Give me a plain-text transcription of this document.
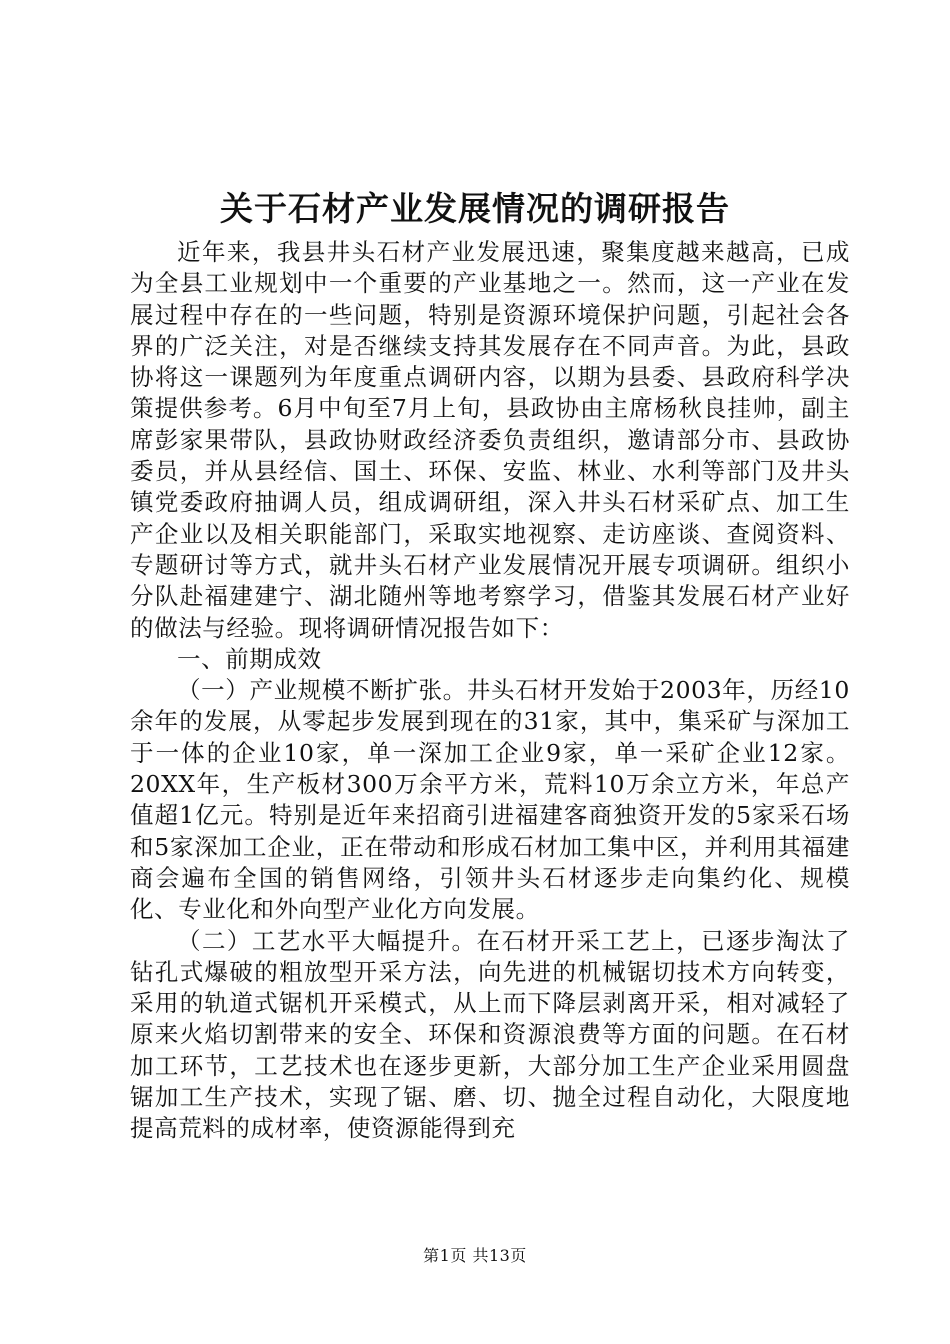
关于石材产业发展情况的调研报告

近年来，我县井头石材产业发展迅速，聚集度越来越高，已成为全县工业规划中一个重要的产业基地之一。然而，这一产业在发展过程中存在的一些问题，特别是资源环境保护问题，引起社会各界的广泛关注，对是否继续支持其发展存在不同声音。为此，县政协将这一课题列为年度重点调研内容，以期为县委、县政府科学决策提供参考。6月中旬至7月上旬，县政协由主席杨秋良挂帅，副主席彭家果带队，县政协财政经济委负责组织，邀请部分市、县政协委员，并从县经信、国土、环保、安监、林业、水利等部门及井头镇党委政府抽调人员，组成调研组，深入井头石材采矿点、加工生产企业以及相关职能部门，采取实地视察、走访座谈、查阅资料、专题研讨等方式，就井头石材产业发展情况开展专项调研。组织小分队赴福建建宁、湖北随州等地考察学习，借鉴其发展石材产业好的做法与经验。现将调研情况报告如下：

一、前期成效

（一）产业规模不断扩张。井头石材开发始于2003年，历经10余年的发展，从零起步发展到现在的31家，其中，集采矿与深加工于一体的企业10家，单一深加工企业9家，单一采矿企业12家。20XX年，生产板材300万余平方米，荒料10万余立方米，年总产值超1亿元。特别是近年来招商引进福建客商独资开发的5家采石场和5家深加工企业，正在带动和形成石材加工集中区，并利用其福建商会遍布全国的销售网络，引领井头石材逐步走向集约化、规模化、专业化和外向型产业化方向发展。

（二）工艺水平大幅提升。在石材开采工艺上，已逐步淘汰了钻孔式爆破的粗放型开采方法，向先进的机械锯切技术方向转变，采用的轨道式锯机开采模式，从上而下降层剥离开采，相对减轻了原来火焰切割带来的安全、环保和资源浪费等方面的问题。在石材加工环节，工艺技术也在逐步更新，大部分加工生产企业采用圆盘锯加工生产技术，实现了锯、磨、切、抛全过程自动化，大限度地提高荒料的成材率，使资源能得到充

第1页 共13页
